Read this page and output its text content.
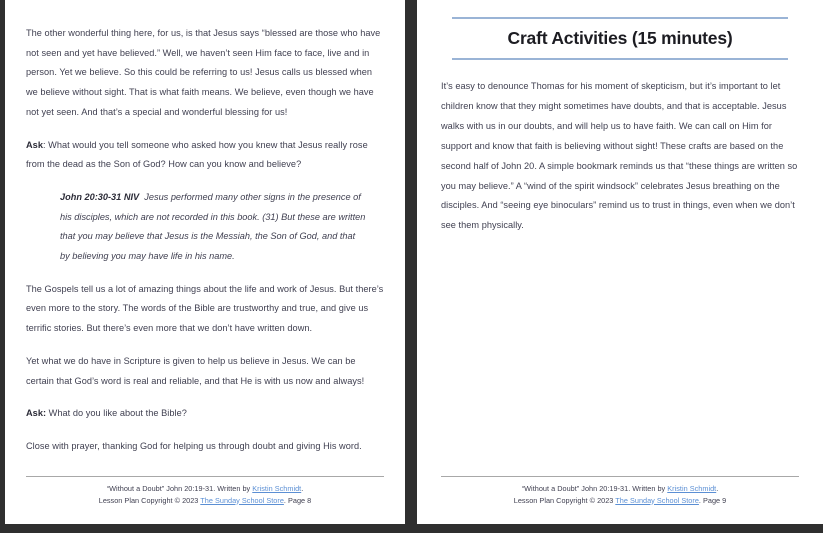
The other wonderful thing here, for us, is that Jesus says “blessed are those who have not seen and yet have believed.” Well, we haven’t seen Him face to face, live and in person. Yet we believe. So this could be referring to us! Jesus calls us blessed when we believe without sight. That is what faith means. We believe, even though we have not yet seen. And that’s a special and wonderful blessing for us!

Ask: What would you tell someone who asked how you knew that Jesus really rose from the dead as the Son of God? How can you know and believe?

John 20:30-31 NIV Jesus performed many other signs in the presence of his disciples, which are not recorded in this book. (31) But these are written that you may believe that Jesus is the Messiah, the Son of God, and that by believing you may have life in his name.

The Gospels tell us a lot of amazing things about the life and work of Jesus. But there’s even more to the story. The words of the Bible are trustworthy and true, and give us terrific stories. But there’s even more that we don’t have written down.

Yet what we do have in Scripture is given to help us believe in Jesus. We can be certain that God’s word is real and reliable, and that He is with us now and always!

Ask: What do you like about the Bible?

Close with prayer, thanking God for helping us through doubt and giving His word.

“Without a Doubt” John 20:19-31. Written by Kristin Schmidt.
Lesson Plan Copyright © 2023 The Sunday School Store. Page 8
Craft Activities (15 minutes)

It’s easy to denounce Thomas for his moment of skepticism, but it’s important to let children know that they might sometimes have doubts, and that is acceptable. Jesus walks with us in our doubts, and will help us to have faith. We can call on Him for support and know that faith is believing without sight! These crafts are based on the second half of John 20. A simple bookmark reminds us that “these things are written so you may believe.” A “wind of the spirit windsock” celebrates Jesus breathing on the disciples. And “seeing eye binoculars” remind us to trust in things, even when we don’t see them physically.

“Without a Doubt” John 20:19-31. Written by Kristin Schmidt.
Lesson Plan Copyright © 2023 The Sunday School Store. Page 9
